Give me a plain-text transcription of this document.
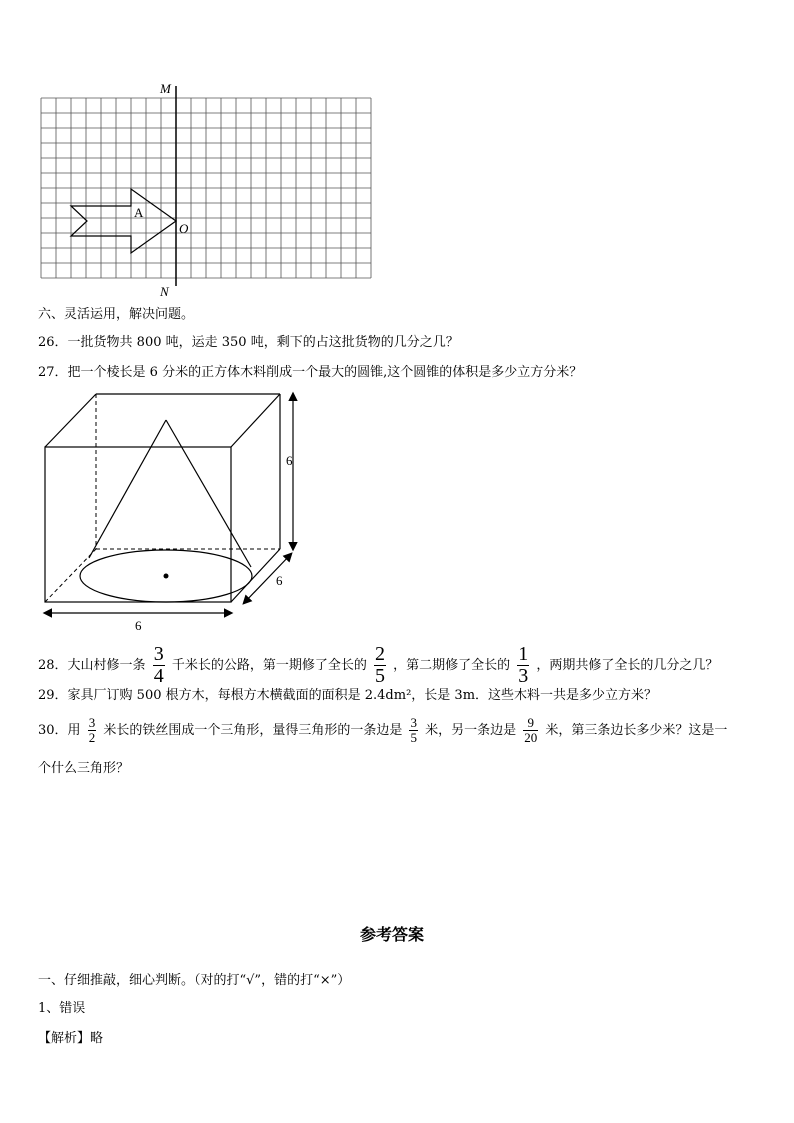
M
N
O
A
六、灵活运用，解决问题。
26．一批货物共 800 吨，运走 350 吨，剩下的占这批货物的几分之几？
27．把一个棱长是 6 分米的正方体木料削成一个最大的圆锥,这个圆锥的体积是多少立方分米？
6
6
6
28．大山村修一条 $\frac{3}{4}$ 千米长的公路，第一期修了全长的 $\frac{2}{5}$ ，第二期修了全长的 $\frac{1}{3}$ ，两期共修了全长的几分之几？
29．家具厂订购 500 根方木，每根方木横截面的面积是 2.4dm²，长是 3m．这些木料一共是多少立方米？
30．用 $\frac{3}{2}$ 米长的铁丝围成一个三角形，量得三角形的一条边是 $\frac{3}{5}$ 米，另一条边是 $\frac{9}{20}$ 米，第三条边长多少米？这是一
个什么三角形？
参考答案
一、仔细推敲，细心判断。（对的打“√”，错的打“×”）
1、错误
【解析】略
